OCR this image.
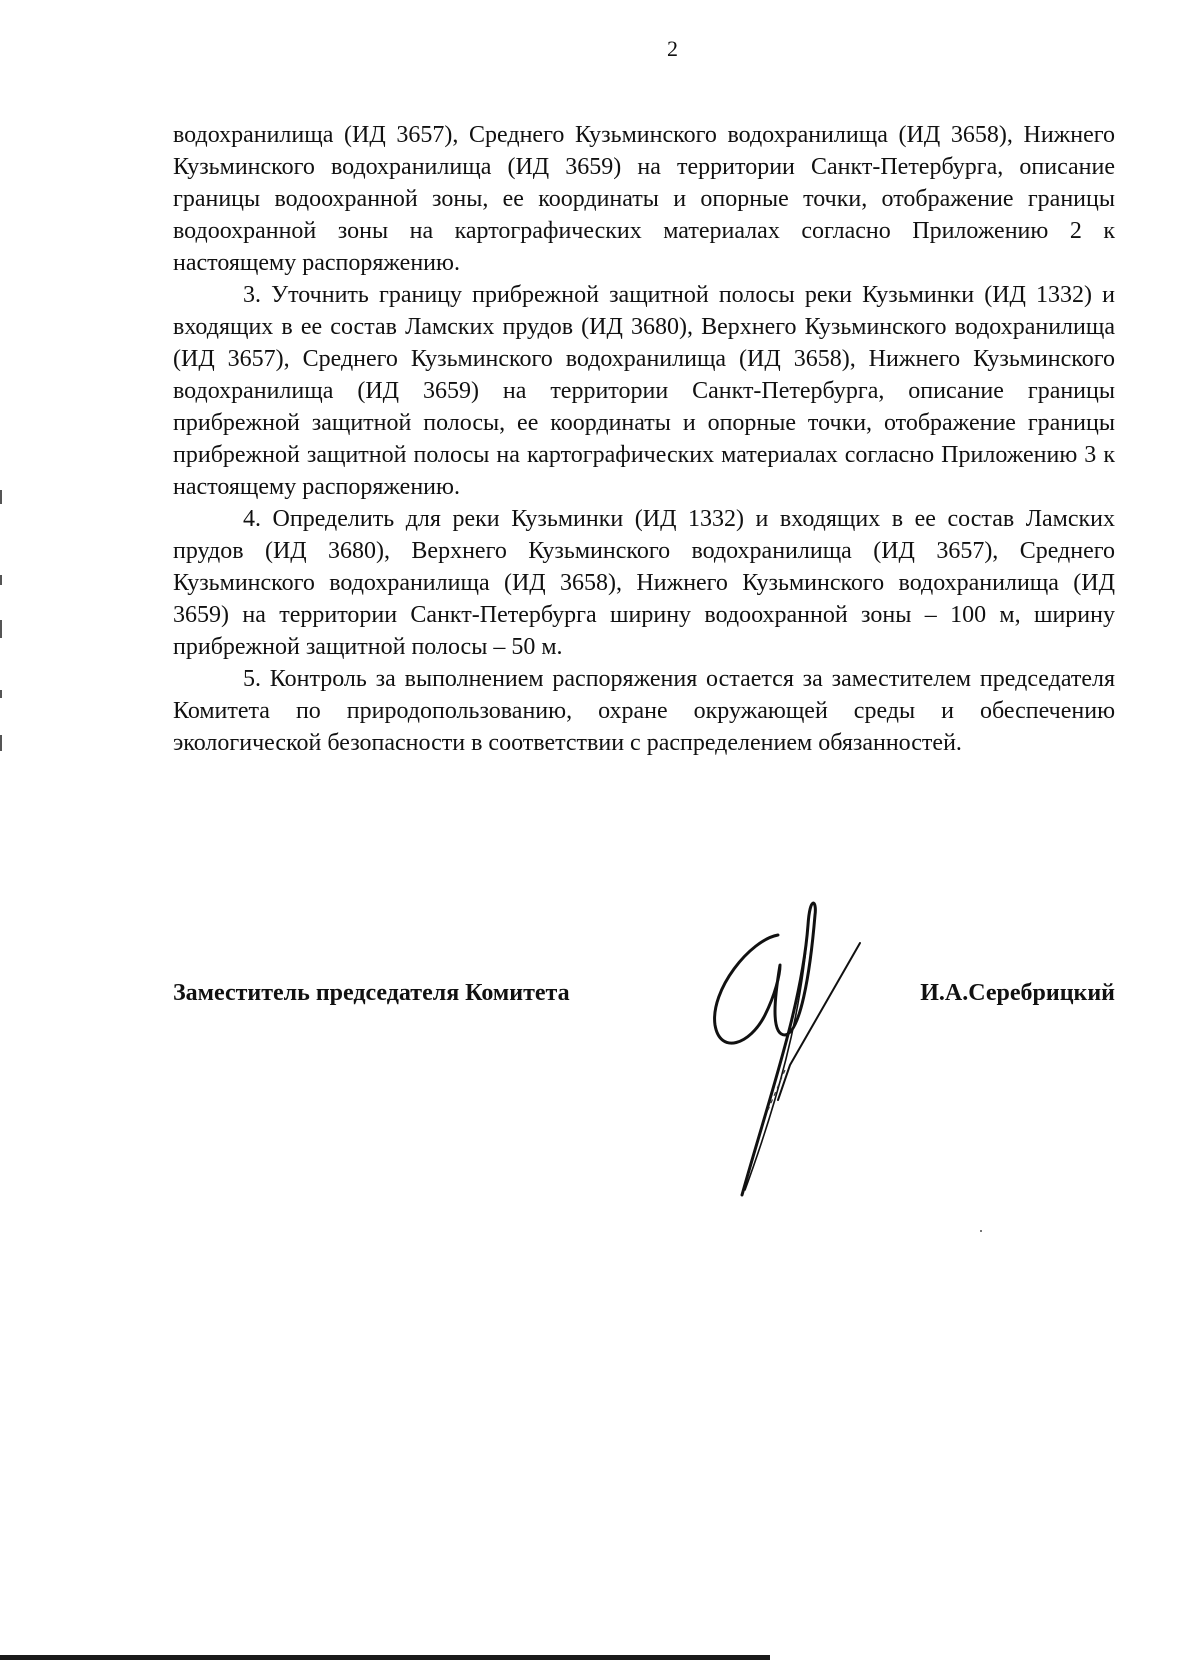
2

водохранилища (ИД 3657), Среднего Кузьминского водохранилища (ИД 3658), Нижнего Кузьминского водохранилища (ИД 3659) на территории Санкт-Петербурга, описание границы водоохранной зоны, ее координаты и опорные точки, отображение границы водоохранной зоны на картографических материалах согласно Приложению 2 к настоящему распоряжению.

3. Уточнить границу прибрежной защитной полосы реки Кузьминки (ИД 1332) и входящих в ее состав Ламских прудов (ИД 3680), Верхнего Кузьминского водохранилища (ИД 3657), Среднего Кузьминского водохранилища (ИД 3658), Нижнего Кузьминского водохранилища (ИД 3659) на территории Санкт-Петербурга, описание границы прибрежной защитной полосы, ее координаты и опорные точки, отображение границы прибрежной защитной полосы на картографических материалах согласно Приложению 3 к настоящему распоряжению.

4. Определить для реки Кузьминки (ИД 1332) и входящих в ее состав Ламских прудов (ИД 3680), Верхнего Кузьминского водохранилища (ИД 3657), Среднего Кузьминского водохранилища (ИД 3658), Нижнего Кузьминского водохранилища (ИД 3659) на территории Санкт-Петербурга ширину водоохранной зоны – 100 м, ширину прибрежной защитной полосы – 50 м.

5. Контроль за выполнением распоряжения остается за заместителем председателя Комитета по природопользованию, охране окружающей среды и обеспечению экологической безопасности в соответствии с распределением обязанностей.

Заместитель председателя Комитета	И.А.Серебрицкий
